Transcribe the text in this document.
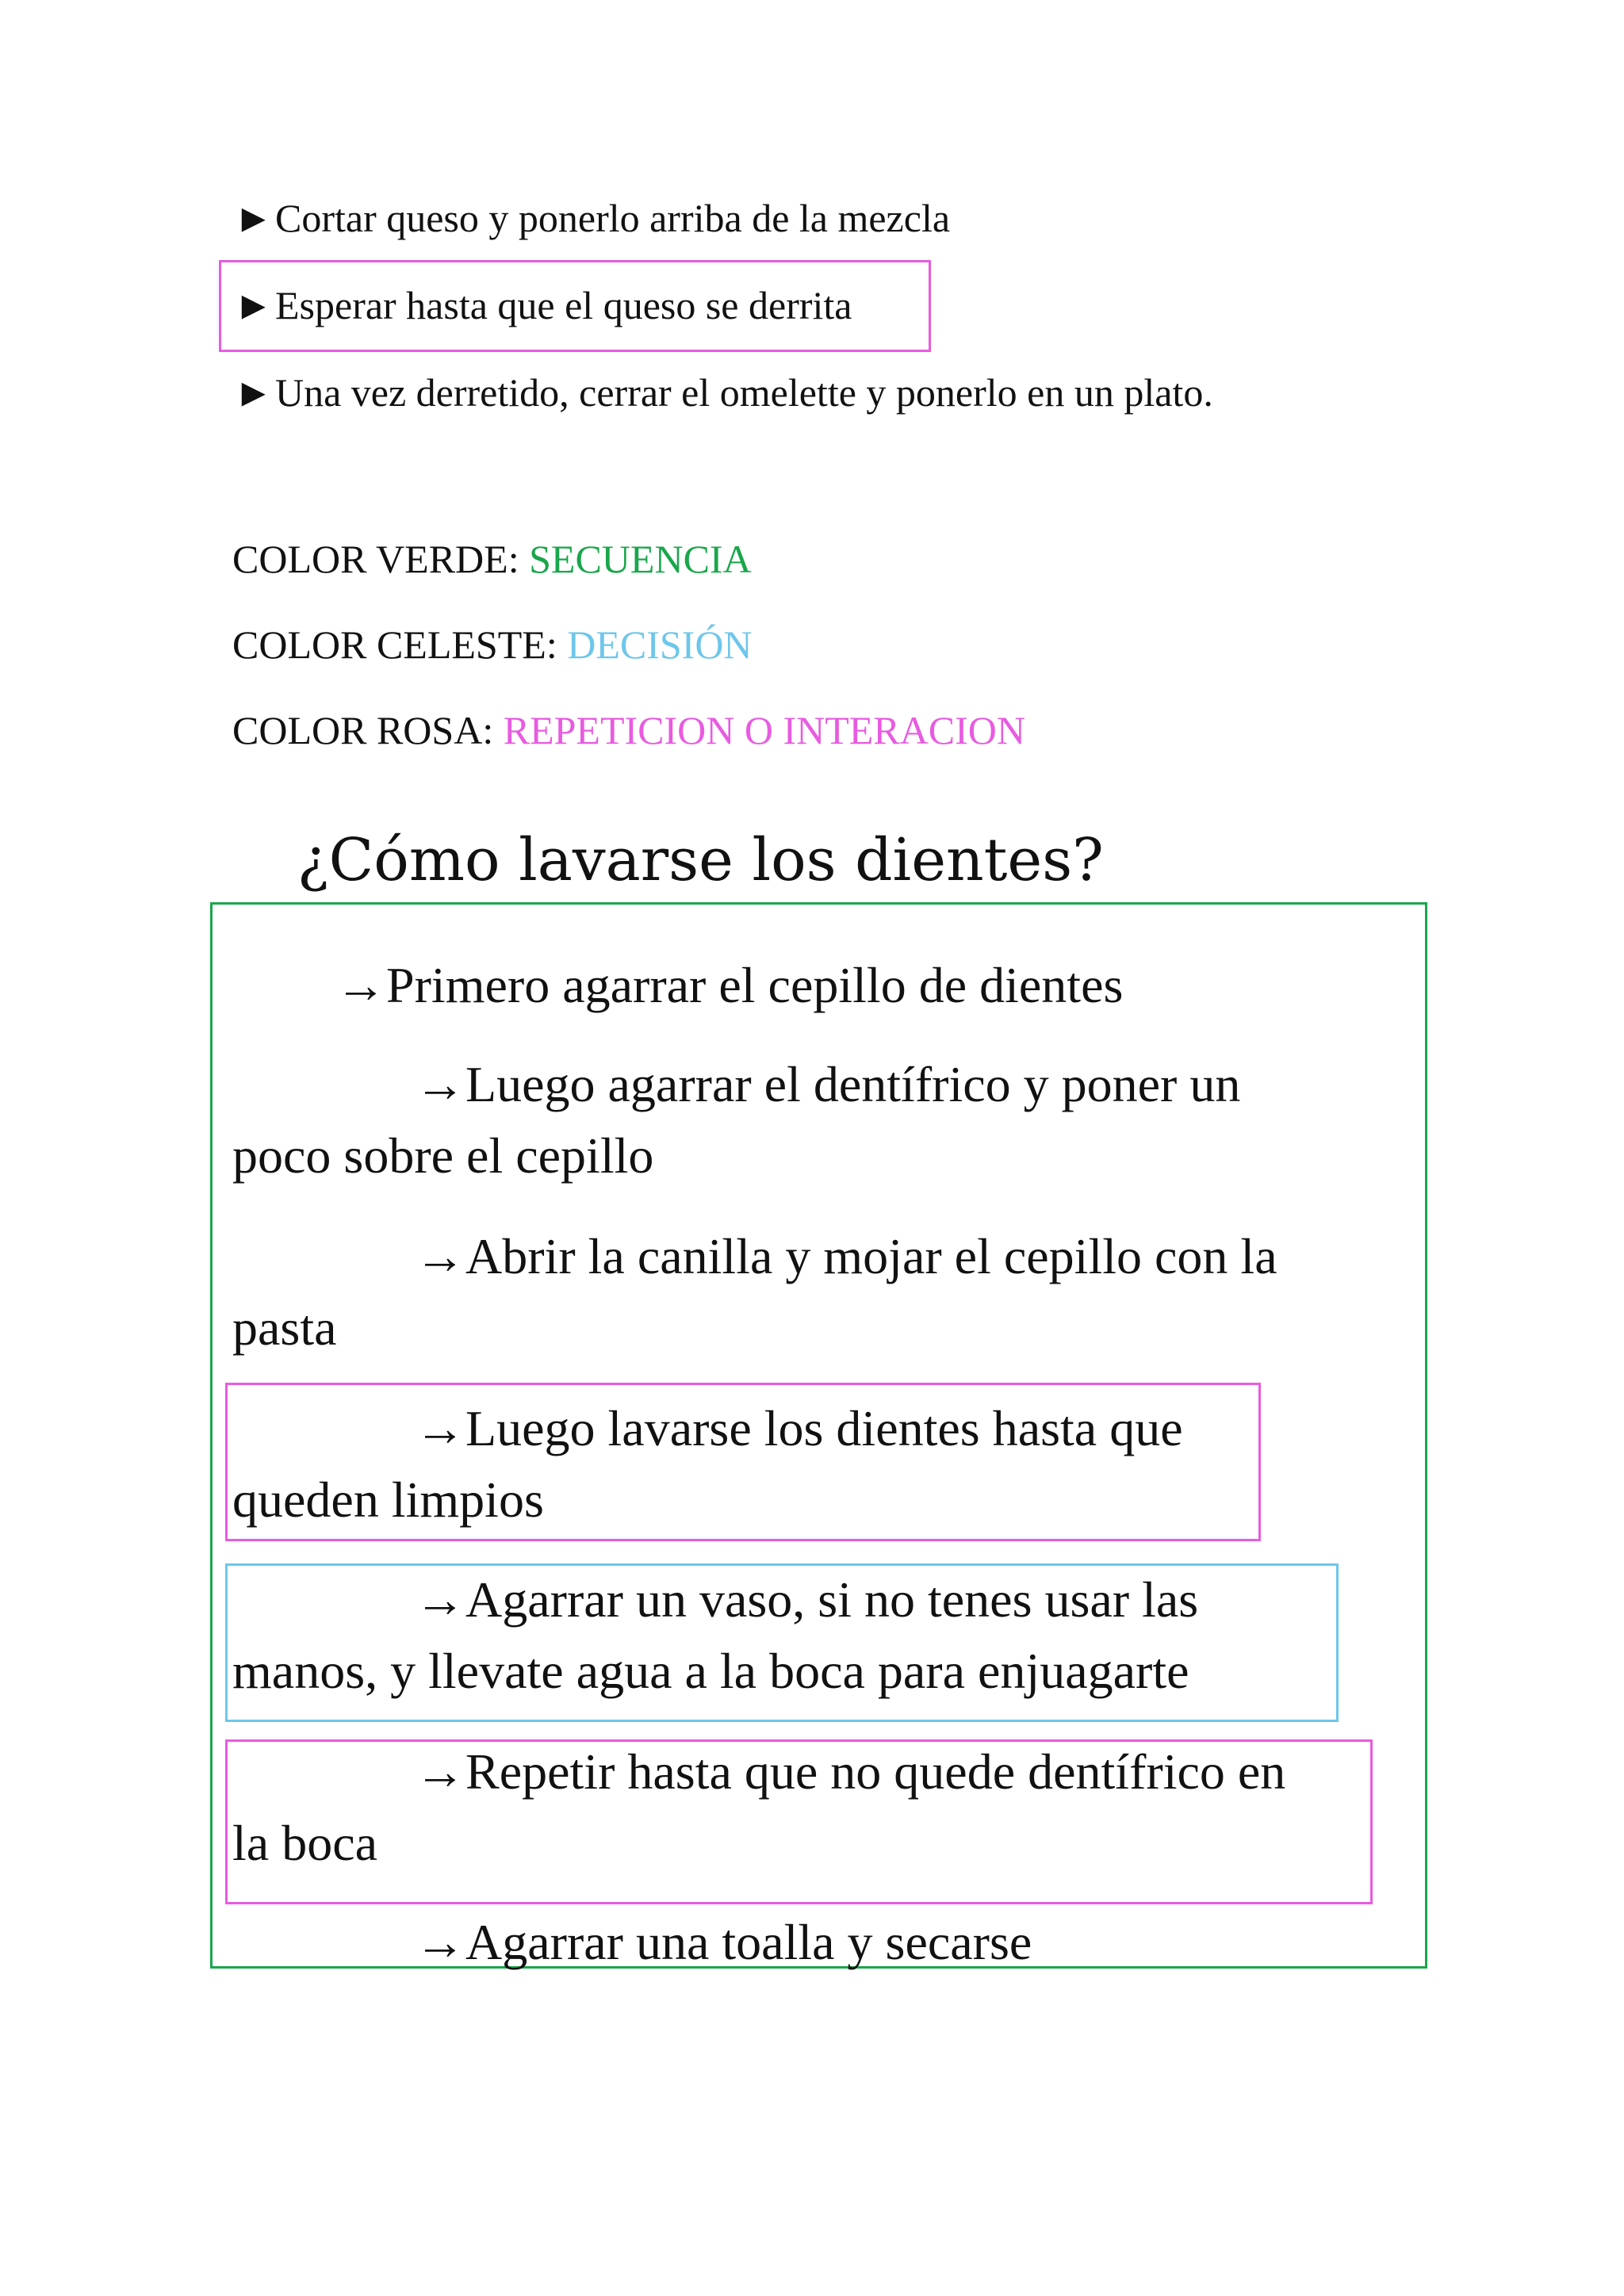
►Cortar queso y ponerlo arriba de la mezcla
►Esperar hasta que el queso se derrita
►Una vez derretido, cerrar el omelette y ponerlo en un plato.
COLOR VERDE: SECUENCIA
COLOR CELESTE: DECISIÓN
COLOR ROSA: REPETICION O INTERACION
¿Cómo lavarse los dientes?

→Primero agarrar el cepillo de dientes

→Luego agarrar el dentífrico y poner un

poco sobre el cepillo

→Abrir la canilla y mojar el cepillo con la

pasta

→Luego lavarse los dientes hasta que

queden limpios

→Agarrar un vaso, si no tenes usar las

manos, y llevate agua a la boca para enjuagarte

→Repetir hasta que no quede dentífrico en

la boca

→Agarrar una toalla y secarse
